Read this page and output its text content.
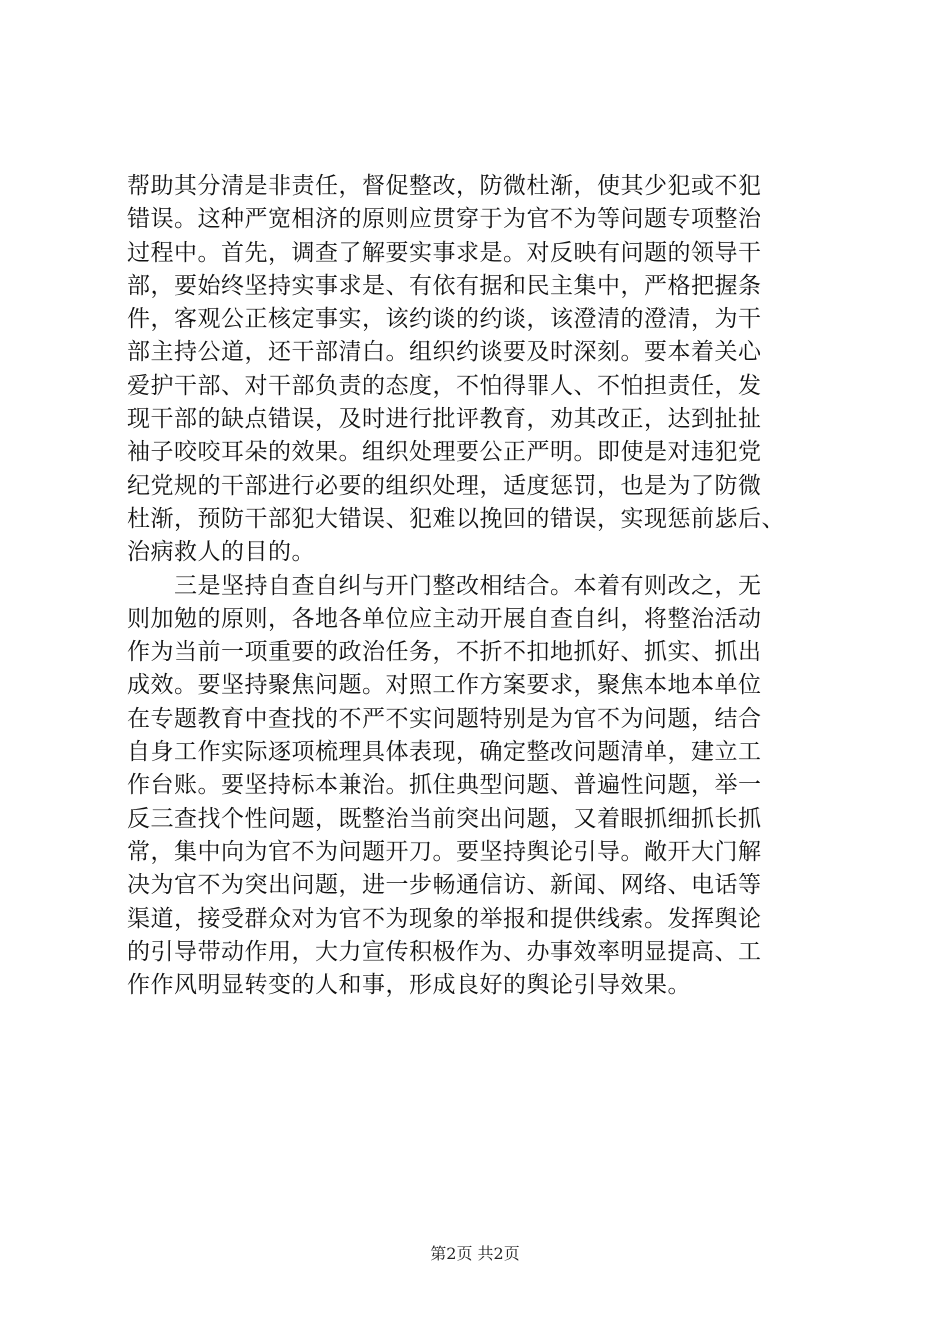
帮助其分清是非责任，督促整改，防微杜渐，使其少犯或不犯
错误。这种严宽相济的原则应贯穿于为官不为等问题专项整治
过程中。首先，调查了解要实事求是。对反映有问题的领导干
部，要始终坚持实事求是、有依有据和民主集中，严格把握条
件，客观公正核定事实，该约谈的约谈，该澄清的澄清，为干
部主持公道，还干部清白。组织约谈要及时深刻。要本着关心
爱护干部、对干部负责的态度，不怕得罪人、不怕担责任，发
现干部的缺点错误，及时进行批评教育，劝其改正，达到扯扯
袖子咬咬耳朵的效果。组织处理要公正严明。即使是对违犯党
纪党规的干部进行必要的组织处理，适度惩罚，也是为了防微
杜渐，预防干部犯大错误、犯难以挽回的错误，实现惩前毖后、
治病救人的目的。
　　三是坚持自查自纠与开门整改相结合。本着有则改之，无
则加勉的原则，各地各单位应主动开展自查自纠，将整治活动
作为当前一项重要的政治任务，不折不扣地抓好、抓实、抓出
成效。要坚持聚焦问题。对照工作方案要求，聚焦本地本单位
在专题教育中查找的不严不实问题特别是为官不为问题，结合
自身工作实际逐项梳理具体表现，确定整改问题清单，建立工
作台账。要坚持标本兼治。抓住典型问题、普遍性问题，举一
反三查找个性问题，既整治当前突出问题，又着眼抓细抓长抓
常，集中向为官不为问题开刀。要坚持舆论引导。敞开大门解
决为官不为突出问题，进一步畅通信访、新闻、网络、电话等
渠道，接受群众对为官不为现象的举报和提供线索。发挥舆论
的引导带动作用，大力宣传积极作为、办事效率明显提高、工
作作风明显转变的人和事，形成良好的舆论引导效果。
第2页 共2页
